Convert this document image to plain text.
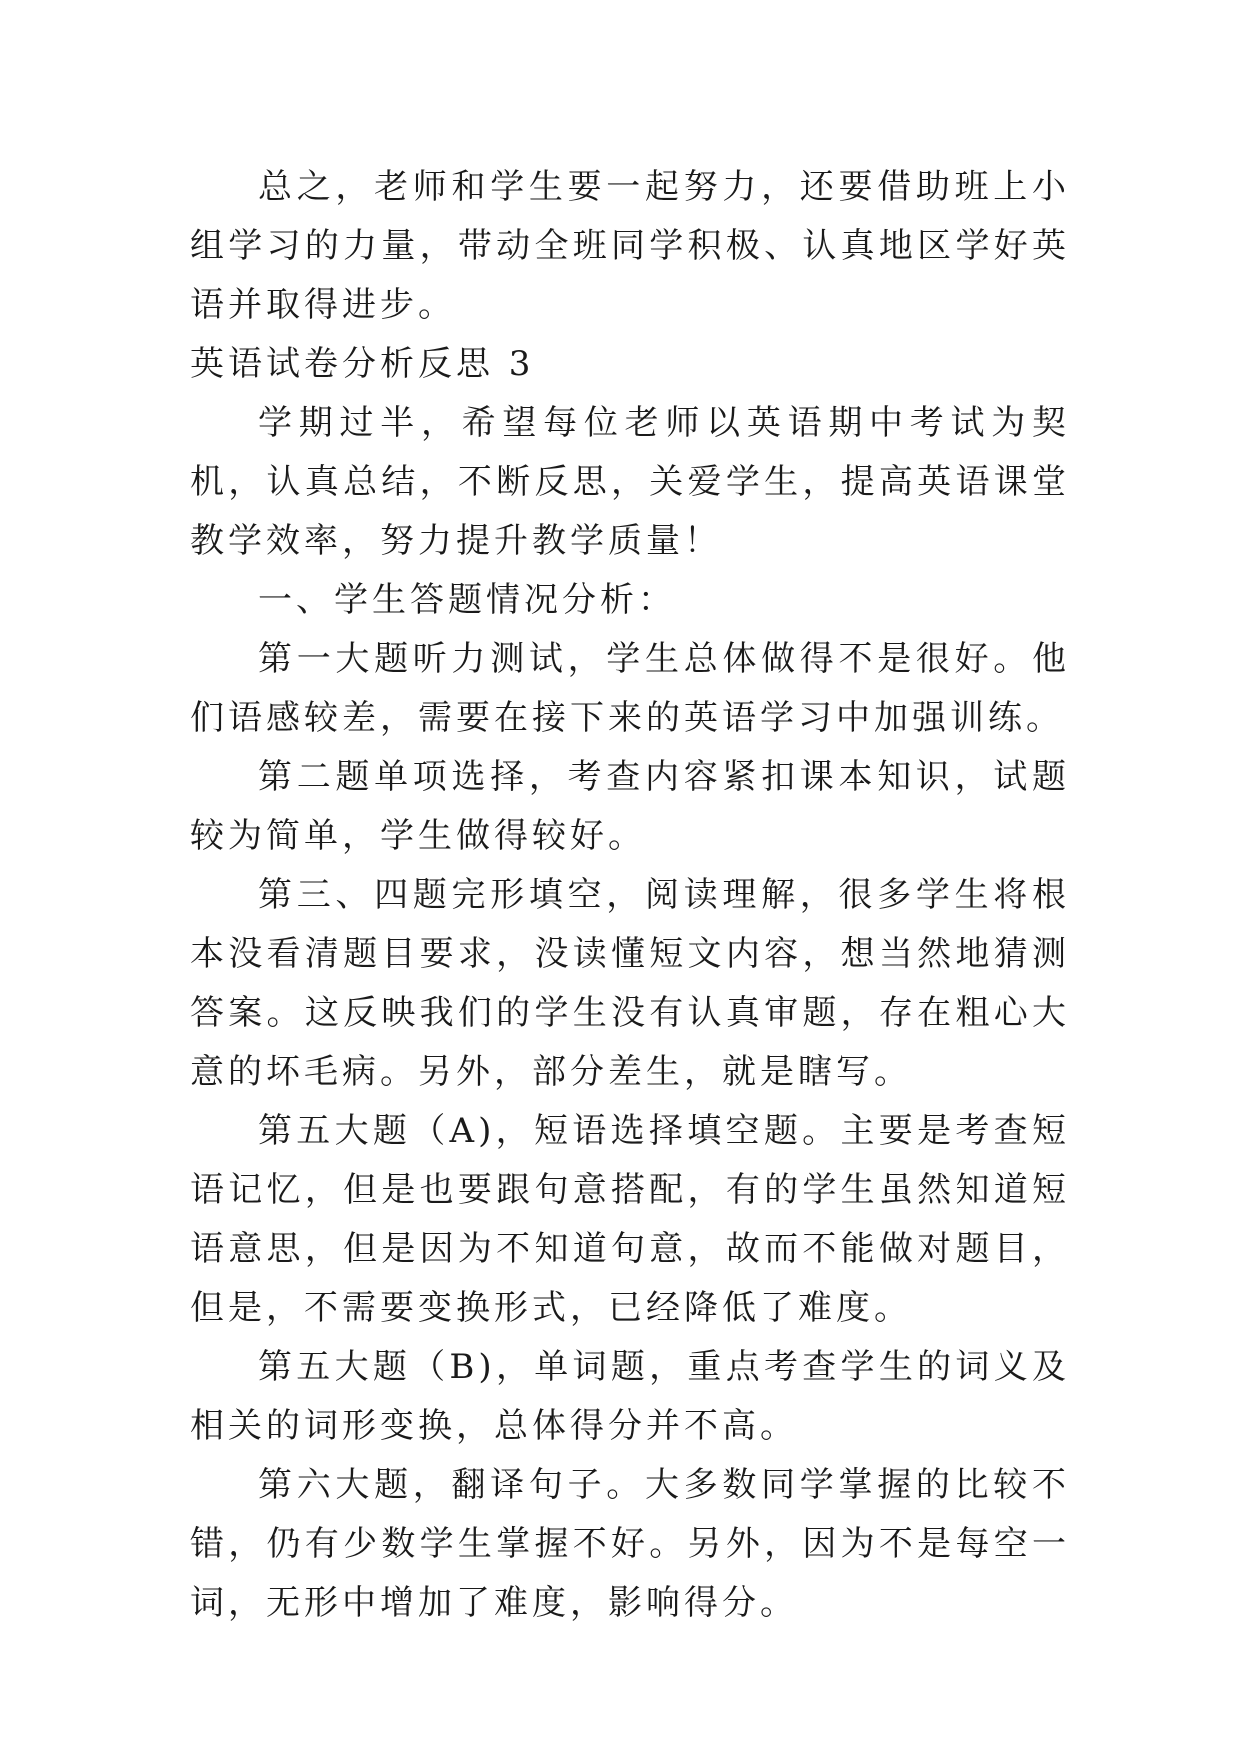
总之，老师和学生要一起努力，还要借助班上小组学习的力量，带动全班同学积极、认真地区学好英语并取得进步。

英语试卷分析反思 3

学期过半，希望每位老师以英语期中考试为契机，认真总结，不断反思，关爱学生，提高英语课堂教学效率，努力提升教学质量！

一、学生答题情况分析：

第一大题听力测试，学生总体做得不是很好。他们语感较差，需要在接下来的英语学习中加强训练。

第二题单项选择，考查内容紧扣课本知识，试题较为简单，学生做得较好。

第三、四题完形填空，阅读理解，很多学生将根本没看清题目要求，没读懂短文内容，想当然地猜测答案。这反映我们的学生没有认真审题，存在粗心大意的坏毛病。另外，部分差生，就是瞎写。

第五大题（A)，短语选择填空题。主要是考查短语记忆，但是也要跟句意搭配，有的学生虽然知道短语意思，但是因为不知道句意，故而不能做对题目，但是，不需要变换形式，已经降低了难度。

第五大题（B)，单词题，重点考查学生的词义及相关的词形变换，总体得分并不高。

第六大题，翻译句子。大多数同学掌握的比较不错，仍有少数学生掌握不好。另外，因为不是每空一词，无形中增加了难度，影响得分。
